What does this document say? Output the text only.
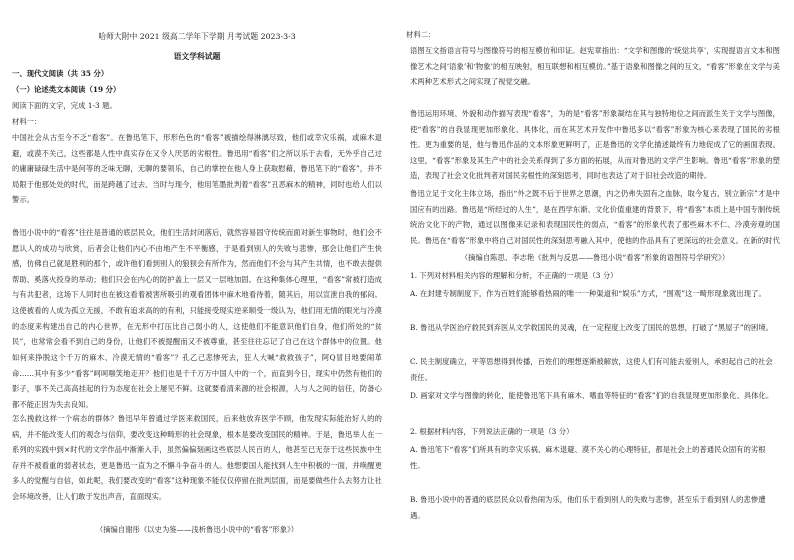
哈师大附中 2021 级高二学年下学期 月考试题 2023-3-3

语文学科试题

一、现代文阅读（共 35 分）

（一）论述类文本阅读（19 分）

阅读下面的文字，完成 1-3 题。

材料一：

中国社会从古至今不乏“看客”。在鲁迅笔下，形形色色的“看客”被描绘得淋漓尽致，他们或幸灾乐祸，或麻木退避，或漠不关己，这些都是人性中真实存在又令人厌恶的劣根性。鲁迅用“看客”们之所以乐于去看，无外乎自己过的庸庸碌碌生活中是何等的乏味无聊，无聊的要领乐，自己的掌控在他人身上获取慰藉，鲁迅笔下的“看客”，并不局限于他那处处的时代，而是跨越了过去、当时与现今，他用笔墨批判着“看客”丑恶麻木的精神，同时也给人们以警示。

鲁迅小说中的“看客”往往是普通的底层民众，他们生活封闭落后，就然容易固守传统而面对新生事物时，他们会不愿认人的成功与欣赏，后者会让他们内心不由地产生不平衡感，于是看到别人的失败与悲惨，那会让他们产生快感，仿佛自己就是胜利的那个，或许他们看到别人的狼狈会有所作为，然而他们不会与其产生共情，也不敢去提供帮助、奚落火投身的举动；他们只会在内心的防护盖上一层又一层地加固。在这种集体心理里，“看客”常被打造成与有共犯者，这场下人同时也在被这看着被害所吸引的观看团体中麻木地看待着，随其后，用以宣泄自我的郁闷。这使被看的人成为孤立无援，不敢有追求高的的有利，只能接受现实逆来顺受一级认为，他们用无情的眼光与冷漠的态度来构建出自己的内心世界，在无形中打压比自己弱小的人，这使他们不能意识他们自身，他们所处的“贫民”，也常常会看不到自己的身份，让他们不被提醒而又不被尊重，甚至往往忘记了自己在这个群体中的位置。他

如何来挣脱这个千万的麻木、冷漠无情的“看客”？孔乙己悲惨死去，狂人大喊“救救孩子”，阿Q冒目地要闹革命……其中有多少“看客”呵呵嗤笑地走开？他们也是千千万万中国人中的一个，而直到今日，现实中仍然有他们的影子，事不关己高高挂起的行为态度在社会上屡见不鲜。这就要看清来源的社会根源，人与人之间的信任，防备心都不能正因为失去良知。

怎么挽救这样一个病态的群体？鲁迅早年曾通过学医来救国民，后来他放弃医学不顾，他发现实际能治好人的的病，并不能改变人们的观念与信仰，要改变这种畸形的社会现象，根本是要改变国民的精神。于是，鲁迅举人在一系列的实践中到×时代的文学作品中渐渐入手，虽然偏偏刻画这些底层人民百的人，他甚至已无奈于这些民族中生存并不被看重的弱者状态，更是鲁迅一直为之不懈斗争奋斗的人。他想要国人能找到人生中积极的一面，并唤醒更多人的觉醒与自信，如此呢，我们要改变的“看客”这种现象不能仅仅停留在批判层面，而是要做些什么去努力让社会环境改善，让人们敢于发出声音，直面现实。

（摘编自谢彤《以史为鉴——浅析鲁迅小说中的“看客”形象》）

材料二：

语图互文指语言符号与图像符号的相互模仿和印证。赵宪章指出：“文学和图像的‘统觉共享’，实现提语言文本和图像艺术之间‘语象’和‘物象’的相互映射，相互联想和相互模仿。”基于语象和图像之间的互文，“看客”形象在文学与美术两种艺术形式之间实现了视觉交融。

鲁迅运用环境、外貌和动作描写表现“看客”，为的是“看客”形象凝结在其与独特地位之间而派生关于文学与图像，使“看客”的自我显现更加形象化、具体化，而在其艺术开发作中鲁迅多以“看客”形象为核心来表现了国民的劣根性。更为重要的是，他与鲁迅作品的文本形象更鲜明了，正是鲁迅的文学化描述最终有力地促成了它的画面表现。这里，“看客”形象及其生产中的社会关系得到了多方面的拓展，从而对鲁迅的文学产生影响。鲁迅“看客”形象的塑造，表现了社会文化批判者对国民劣根性的深刻思考，同时也表达了对于旧社会改造的期待。

鲁迅立足于文化主体立场，指出“外之既不后于世界之思潮，内之仍弗失固有之血脉，取今复古，别立新宗”才是中国应有的出路。鲁迅是“所经过的人生”，是在西学东渐、文化价值重建的背景下，将“看客”本质上是中国专制传统统治文化下的产物，通过以图像来记录和表现国民性的弱点，“看客”的形象代表了那些麻木不仁、冷漠旁观的国民。鲁迅在“看客”形象中将自己对国民性的深刻思考融入其中，使他的作品具有了更深远的社会意义。在新的时代

（摘编自陈思、李志艳《批判与反思——鲁迅小说“看客”形象的语图符号学研究》）

1. 下列对材料相关内容的理解和分析，不正确的一项是（3 分）

A. 在封建专制制度下，作为百姓们能够看热闹的唯一一种渠道和“娱乐”方式，“围观”这一畸形现象就出现了。

B. 鲁迅从学医治疗救民到弃医从文学救国民的灵魂，在一定程度上改变了国民的思想，打破了“黑屋子”的困境。

C. 民主制度确立，平等思想得到传播，百姓们的理想逐渐被解放，这使人们有可能去爱别人，承担起自己的社会责任。

D. 画家对文学与图像的转化，能使鲁迅笔下具有麻木、嗜血等特征的“看客”们的自我显现更加形象化、具体化。

2. 根据材料内容，下列说法正确的一项是（3 分）

A. 鲁迅笔下“看客”们所具有的幸灾乐祸、麻木退避、漠不关心的心理特征，都是社会上的普通民众固有的劣根性。

B. 鲁迅小说中的普通的底层民众以看热闹为乐，他们乐于看到别人的失败与悲惨，甚至乐于看到别人的悲惨遭遇。
